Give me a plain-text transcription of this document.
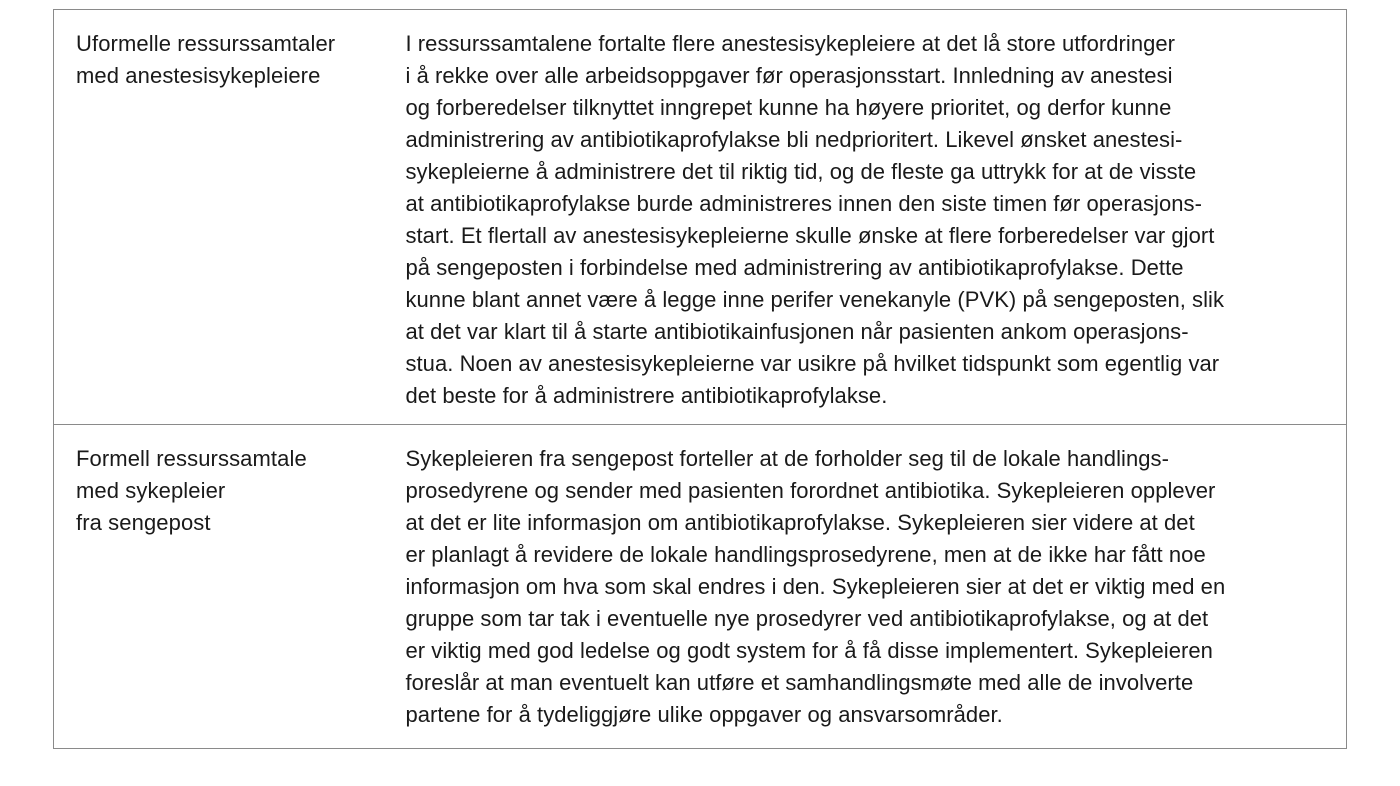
Uformelle ressurssamtaler
med anestesisykepleiere
I ressurssamtalene fortalte flere anestesisykepleiere at det lå store utfordringer
i å rekke over alle arbeidsoppgaver før operasjonsstart. Innledning av anestesi
og forberedelser tilknyttet inngrepet kunne ha høyere prioritet, og derfor kunne
administrering av antibiotikaprofylakse bli nedprioritert. Likevel ønsket anestesi-
sykepleierne å administrere det til riktig tid, og de fleste ga uttrykk for at de visste
at antibiotikaprofylakse burde administreres innen den siste timen før operasjons-
start. Et flertall av anestesisykepleierne skulle ønske at flere forberedelser var gjort
på sengeposten i forbindelse med administrering av antibiotikaprofylakse. Dette
kunne blant annet være å legge inne perifer venekanyle (PVK) på sengeposten, slik
at det var klart til å starte antibiotikainfusjonen når pasienten ankom operasjons-
stua. Noen av anestesisykepleierne var usikre på hvilket tidspunkt som egentlig var
det beste for å administrere antibiotikaprofylakse.
Formell ressurssamtale
med sykepleier
fra sengepost
Sykepleieren fra sengepost forteller at de forholder seg til de lokale handlings-
prosedyrene og sender med pasienten forordnet antibiotika. Sykepleieren opplever
at det er lite informasjon om antibiotikaprofylakse. Sykepleieren sier videre at det
er planlagt å revidere de lokale handlingsprosedyrene, men at de ikke har fått noe
informasjon om hva som skal endres i den. Sykepleieren sier at det er viktig med en
gruppe som tar tak i eventuelle nye prosedyrer ved antibiotikaprofylakse, og at det
er viktig med god ledelse og godt system for å få disse implementert. Sykepleieren
foreslår at man eventuelt kan utføre et samhandlingsmøte med alle de involverte
partene for å tydeliggjøre ulike oppgaver og ansvarsområder.
